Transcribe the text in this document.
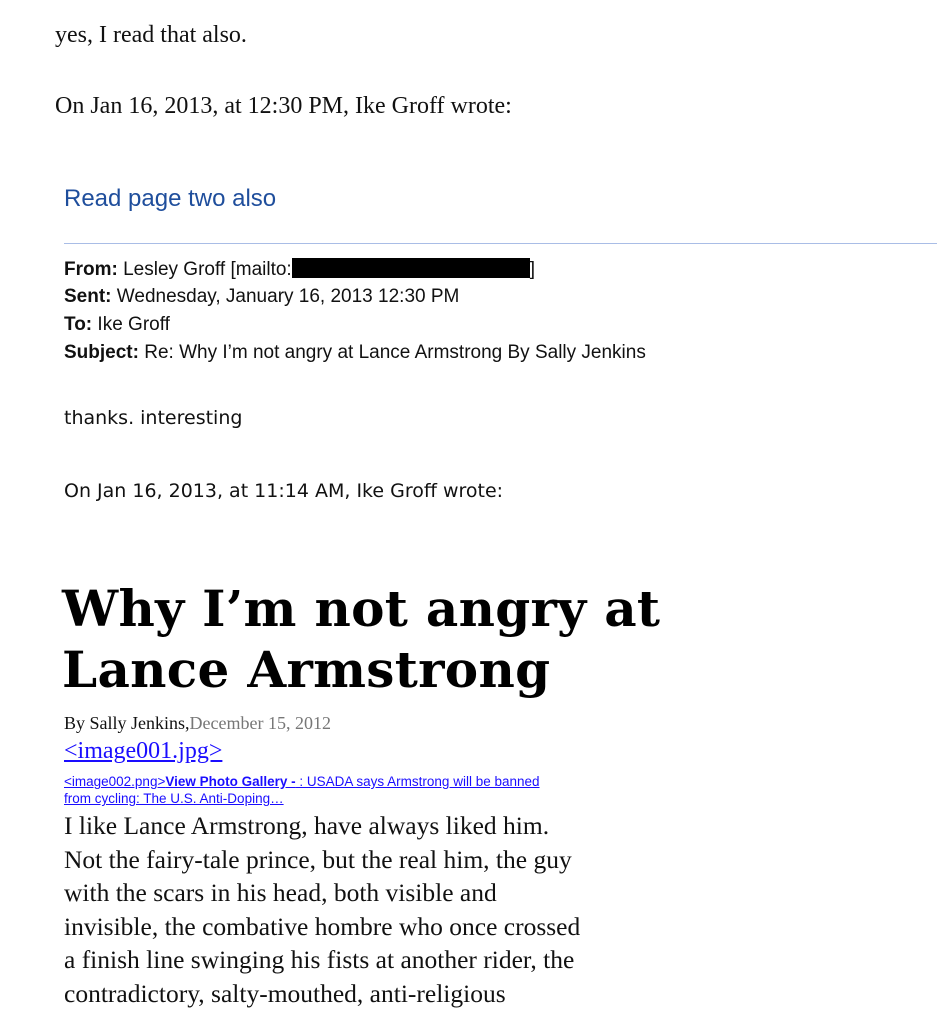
yes, I read that also.
On Jan 16, 2013, at 12:30 PM, Ike Groff wrote:
Read page two also
From: Lesley Groff [mailto:	]
Sent: Wednesday, January 16, 2013 12:30 PM
To: Ike Groff
Subject: Re: Why I’m not angry at Lance Armstrong By Sally Jenkins
thanks. interesting
On Jan 16, 2013, at 11:14 AM, Ike Groff wrote:
Why I’m not angry at
Lance Armstrong
By Sally Jenkins,December 15, 2012
<image001.jpg>
<image002.png>View Photo Gallery - : USADA says Armstrong will be banned
from cycling: The U.S. Anti-Doping…
I like Lance Armstrong, have always liked him.
Not the fairy-tale prince, but the real him, the guy
with the scars in his head, both visible and
invisible, the combative hombre who once crossed
a finish line swinging his fists at another rider, the
contradictory, salty-mouthed, anti-religious
